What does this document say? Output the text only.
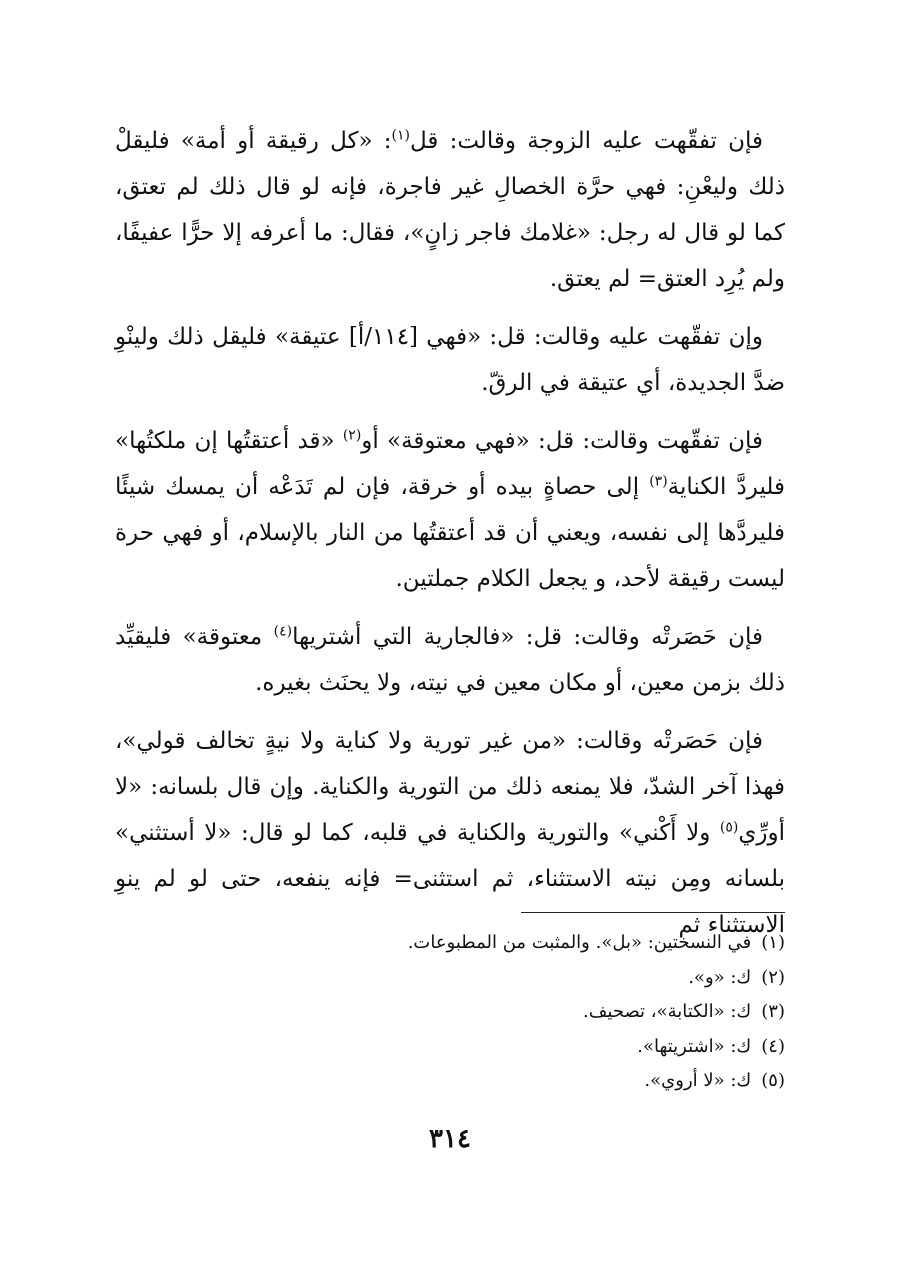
فإن تفقّهت عليه الزوجة وقالت: قل$^{(١)}$: «كل رقيقة أو أمة» فليقلْ ذلك وليعْنِ: فهي حرَّة الخصالِ غير فاجرة، فإنه لو قال ذلك لم تعتق، كما لو قال له رجل: «غلامك فاجر زانٍ»، فقال: ما أعرفه إلا حرًّا عفيفًا، ولم يُرِد العتق= لم يعتق.

وإن تفقّهت عليه وقالت: قل: «فهي [١١٤/أ] عتيقة» فليقل ذلك ولينْوِ ضدَّ الجديدة، أي عتيقة في الرقّ.

فإن تفقّهت وقالت: قل: «فهي معتوقة» أو$^{(٢)}$ «قد أعتقتُها إن ملكتُها» فليردَّ الكناية$^{(٣)}$ إلى حصاةٍ بيده أو خرقة، فإن لم تَدَعْه أن يمسك شيئًا فليردَّها إلى نفسه، ويعني أن قد أعتقتُها من النار بالإسلام، أو فهي حرة ليست رقيقة لأحد، و يجعل الكلام جملتين.

فإن حَصَرتْه وقالت: قل: «فالجارية التي أشتريها$^{(٤)}$ معتوقة» فليقيِّد ذلك بزمن معين، أو مكان معين في نيته، ولا يحنَث بغيره.

فإن حَصَرتْه وقالت: «من غير تورية ولا كناية ولا نيةٍ تخالف قولي»، فهذا آخر الشدّ، فلا يمنعه ذلك من التورية والكناية. وإن قال بلسانه: «لا أورِّي$^{(٥)}$ ولا أَكْني» والتورية والكناية في قلبه، كما لو قال: «لا أستثني» بلسانه ومِن نيته الاستثناء، ثم استثنى= فإنه ينفعه، حتى لو لم ينوِ الاستثناء ثم

(١)في النسختين: «بل». والمثبت من المطبوعات.
(٢)ك: «و».
(٣)ك: «الكتابة»، تصحيف.
(٤)ك: «اشتريتها».
(٥)ك: «لا أروي».
٣١٤
